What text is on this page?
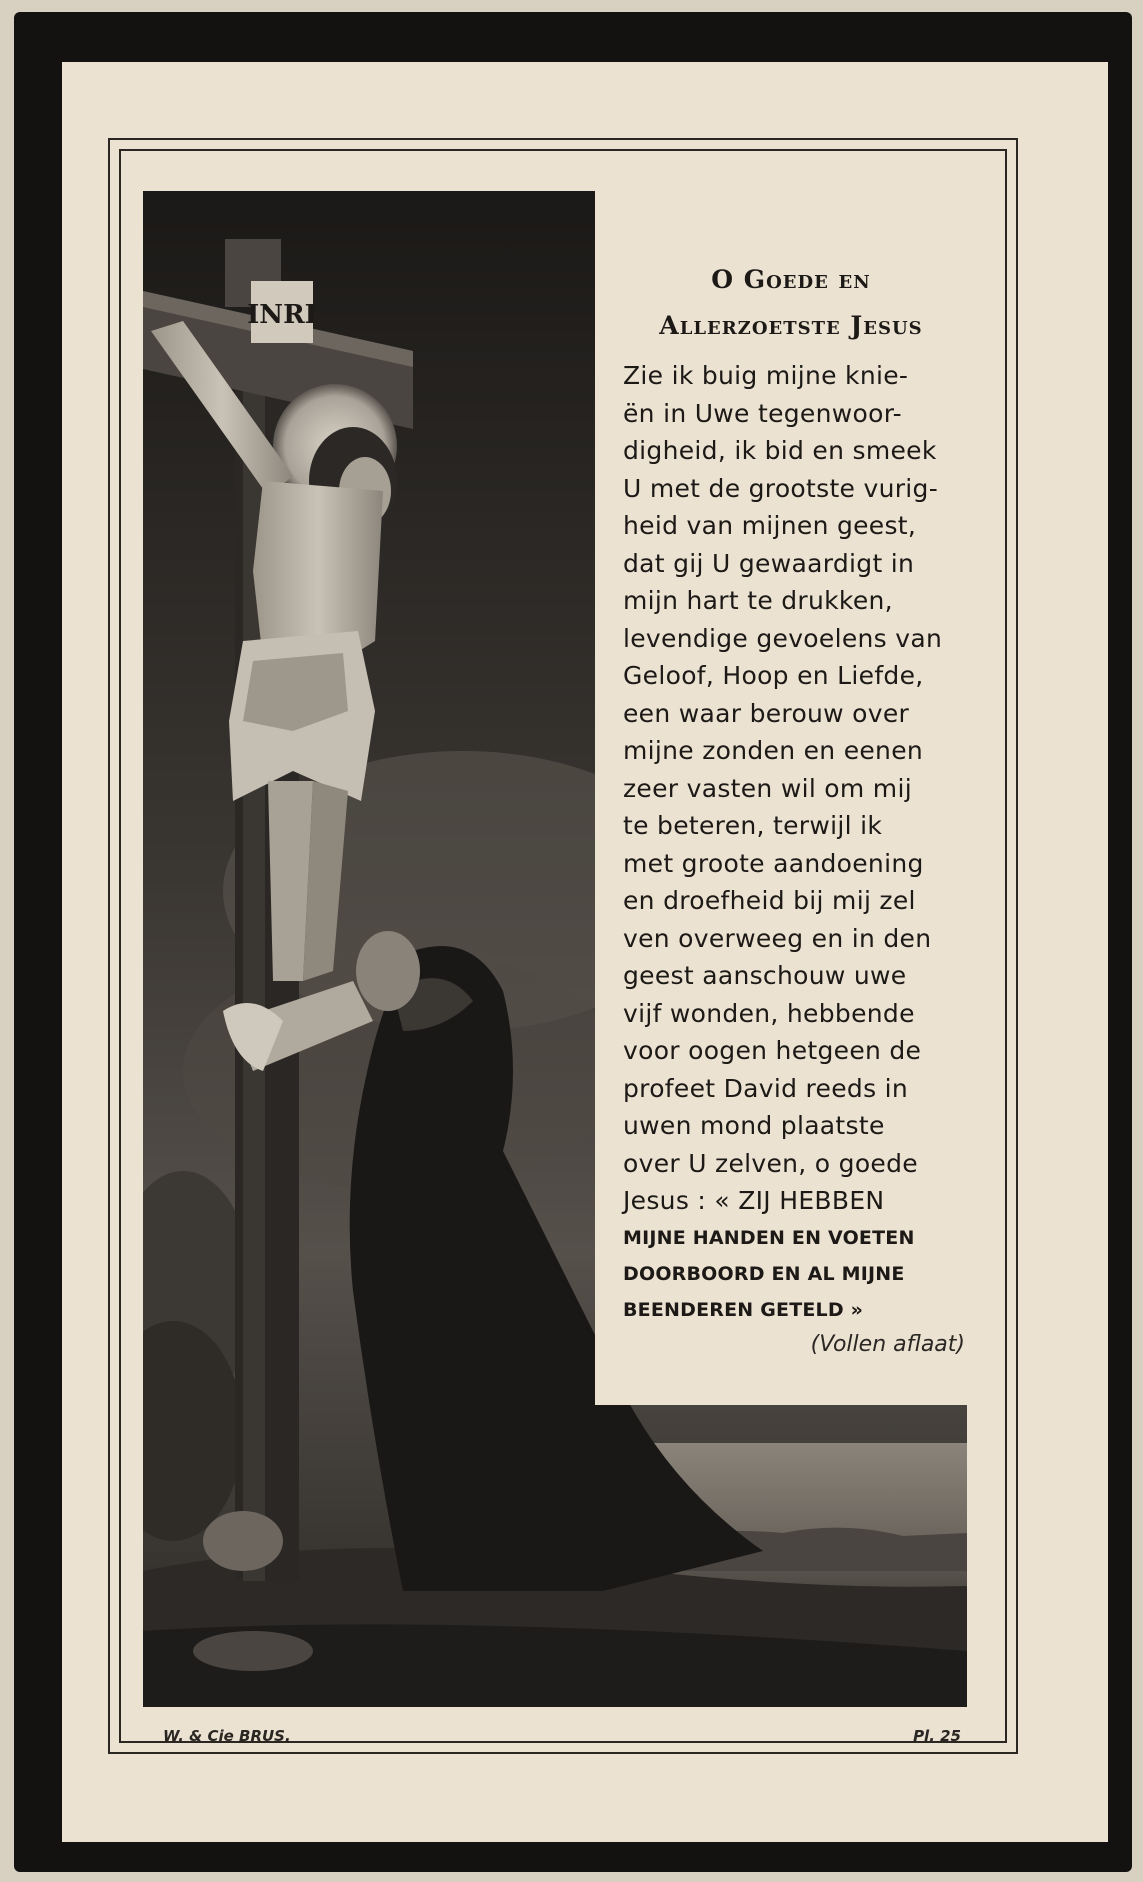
INRI
O Goede en
Allerzoetste Jesus
Zie ik buig mijne knie-
ën in Uwe tegenwoor-
digheid, ik bid en smeek
U met de grootste vurig-
heid van mijnen geest,
dat gij U gewaardigt in
mijn hart te drukken,
levendige gevoelens van
Geloof, Hoop en Liefde,
een waar berouw over
mijne zonden en eenen
zeer vasten wil om mij
te beteren, terwijl ik
met groote aandoening
en droefheid bij mij zel
ven overweeg en in den
geest aanschouw uwe
vijf wonden, hebbende
voor oogen hetgeen de
profeet David reeds in
uwen mond plaatste
over U zelven, o goede
Jesus : « ZIJ HEBBEN
MIJNE HANDEN EN VOETEN
DOORBOORD EN AL MIJNE
BEENDEREN GETELD »
(Vollen aflaat)
W. & Cie BRUS.	Pl. 25
